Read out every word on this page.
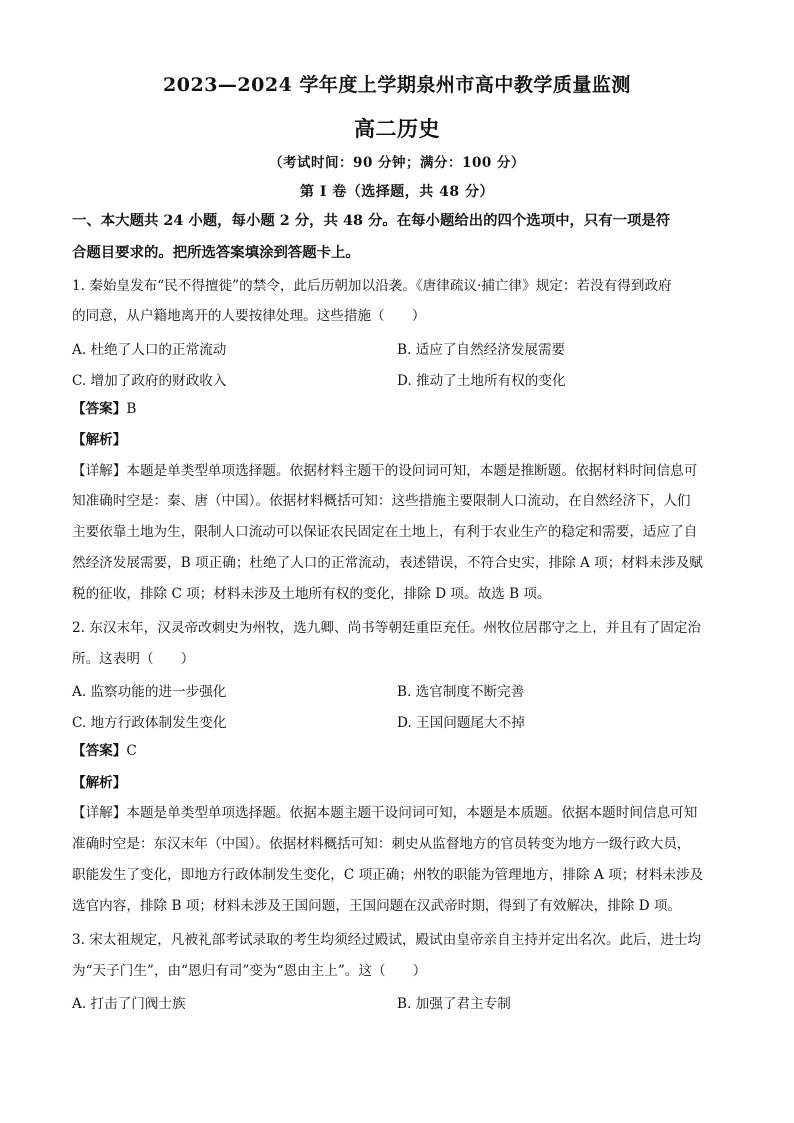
2023—2024 学年度上学期泉州市高中教学质量监测
高二历史
（考试时间：90 分钟；满分：100 分）
第 I 卷（选择题，共 48 分）
一、本大题共 24 小题，每小题 2 分，共 48 分。在每小题给出的四个选项中，只有一项是符
合题目要求的。把所选答案填涂到答题卡上。
1. 秦始皇发布“民不得擅徙”的禁令，此后历朝加以沿袭。《唐律疏议·捕亡律》规定：若没有得到政府
的同意，从户籍地离开的人要按律处理。这些措施（　　）
A. 杜绝了人口的正常流动	B. 适应了自然经济发展需要
C. 增加了政府的财政收入	D. 推动了土地所有权的变化
【答案】B
【解析】
【详解】本题是单类型单项选择题。依据材料主题干的设问词可知，本题是推断题。依据材料时间信息可
知准确时空是：秦、唐（中国）。依据材料概括可知：这些措施主要限制人口流动，在自然经济下，人们
主要依靠土地为生，限制人口流动可以保证农民固定在土地上，有利于农业生产的稳定和需要，适应了自
然经济发展需要，B 项正确；杜绝了人口的正常流动，表述错误，不符合史实，排除 A 项；材料未涉及赋
税的征收，排除 C 项；材料未涉及土地所有权的变化，排除 D 项。故选 B 项。
2. 东汉末年，汉灵帝改刺史为州牧，选九卿、尚书等朝廷重臣充任。州牧位居郡守之上，并且有了固定治
所。这表明（　　）
A. 监察功能的进一步强化	B. 选官制度不断完善
C. 地方行政体制发生变化	D. 王国问题尾大不掉
【答案】C
【解析】
【详解】本题是单类型单项选择题。依据本题主题干设问词可知，本题是本质题。依据本题时间信息可知
准确时空是：东汉末年（中国）。依据材料概括可知：刺史从监督地方的官员转变为地方一级行政大员，
职能发生了变化，即地方行政体制发生变化，C 项正确；州牧的职能为管理地方，排除 A 项；材料未涉及
选官内容，排除 B 项；材料未涉及王国问题，王国问题在汉武帝时期，得到了有效解决，排除 D 项。
3. 宋太祖规定，凡被礼部考试录取的考生均须经过殿试，殿试由皇帝亲自主持并定出名次。此后，进士均
为“天子门生”，由“恩归有司”变为“恩由主上”。这（　　）
A. 打击了门阀士族	B. 加强了君主专制
